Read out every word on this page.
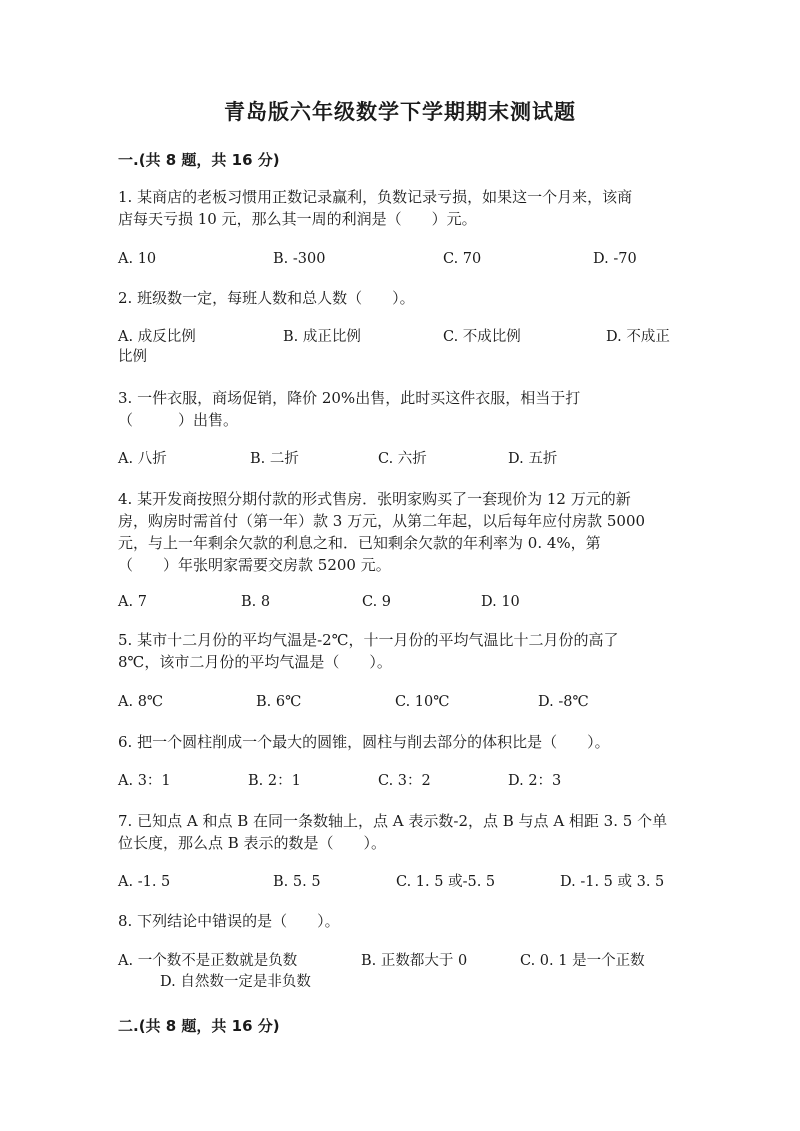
青岛版六年级数学下学期期末测试题
一.(共 8 题，共 16 分)

1. 某商店的老板习惯用正数记录赢利，负数记录亏损，如果这一个月来，该商

店每天亏损 10 元，那么其一周的利润是（　　）元。

A. 10	B. -300	C. 70	D. -70

2. 班级数一定，每班人数和总人数（　　）。

A. 成反比例	B. 成正比例	C. 不成比例	D. 不成正
比例

3. 一件衣服，商场促销，降价 20%出售，此时买这件衣服，相当于打

（　　　）出售。

A. 八折	B. 二折	C. 六折	D. 五折

4. 某开发商按照分期付款的形式售房．张明家购买了一套现价为 12 万元的新

房，购房时需首付（第一年）款 3 万元，从第二年起，以后每年应付房款 5000

元，与上一年剩余欠款的利息之和．已知剩余欠款的年利率为 0. 4%，第

（　　）年张明家需要交房款 5200 元。

A. 7	B. 8	C. 9	D. 10

5. 某市十二月份的平均气温是-2℃，十一月份的平均气温比十二月份的高了

8℃，该市二月份的平均气温是（　　）。

A. 8℃	B. 6℃	C. 10℃	D. -8℃

6. 把一个圆柱削成一个最大的圆锥，圆柱与削去部分的体积比是（　　）。

A. 3：1	B. 2：1	C. 3：2	D. 2：3

7. 已知点 A 和点 B 在同一条数轴上，点 A 表示数-2，点 B 与点 A 相距 3. 5 个单

位长度，那么点 B 表示的数是（　　）。

A. -1. 5	B. 5. 5	C. 1. 5 或-5. 5	D. -1. 5 或 3. 5

8. 下列结论中错误的是（　　）。

A. 一个数不是正数就是负数	B. 正数都大于 0	C. 0. 1 是一个正数
D. 自然数一定是非负数
二.(共 8 题，共 16 分)
